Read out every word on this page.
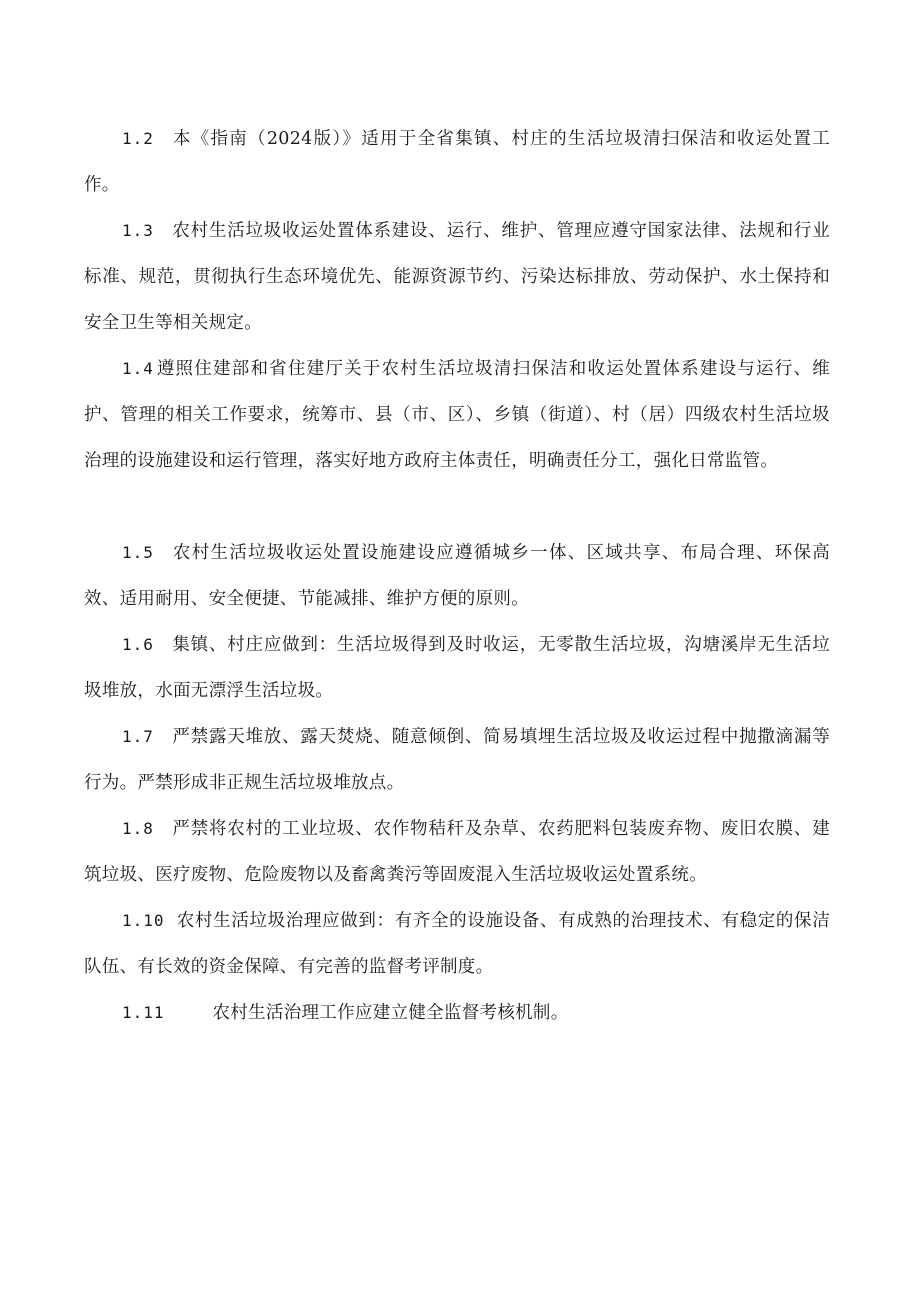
1.2 本《指南（2024版）》适用于全省集镇、村庄的生活垃圾清扫保洁和收运处置工作。

1.3 农村生活垃圾收运处置体系建设、运行、维护、管理应遵守国家法律、法规和行业标准、规范，贯彻执行生态环境优先、能源资源节约、污染达标排放、劳动保护、水土保持和安全卫生等相关规定。

1.4 遵照住建部和省住建厅关于农村生活垃圾清扫保洁和收运处置体系建设与运行、维护、管理的相关工作要求，统筹市、县（市、区）、乡镇（街道）、村（居）四级农村生活垃圾治理的设施建设和运行管理，落实好地方政府主体责任，明确责任分工，强化日常监管。

1.5 农村生活垃圾收运处置设施建设应遵循城乡一体、区域共享、布局合理、环保高效、适用耐用、安全便捷、节能减排、维护方便的原则。

1.6 集镇、村庄应做到：生活垃圾得到及时收运，无零散生活垃圾，沟塘溪岸无生活垃圾堆放，水面无漂浮生活垃圾。

1.7 严禁露天堆放、露天焚烧、随意倾倒、简易填埋生活垃圾及收运过程中抛撒滴漏等行为。严禁形成非正规生活垃圾堆放点。

1.8 严禁将农村的工业垃圾、农作物秸秆及杂草、农药肥料包装废弃物、废旧农膜、建筑垃圾、医疗废物、危险废物以及畜禽粪污等固废混入生活垃圾收运处置系统。

1.10 农村生活垃圾治理应做到：有齐全的设施设备、有成熟的治理技术、有稳定的保洁队伍、有长效的资金保障、有完善的监督考评制度。

1.11	农村生活治理工作应建立健全监督考核机制。
